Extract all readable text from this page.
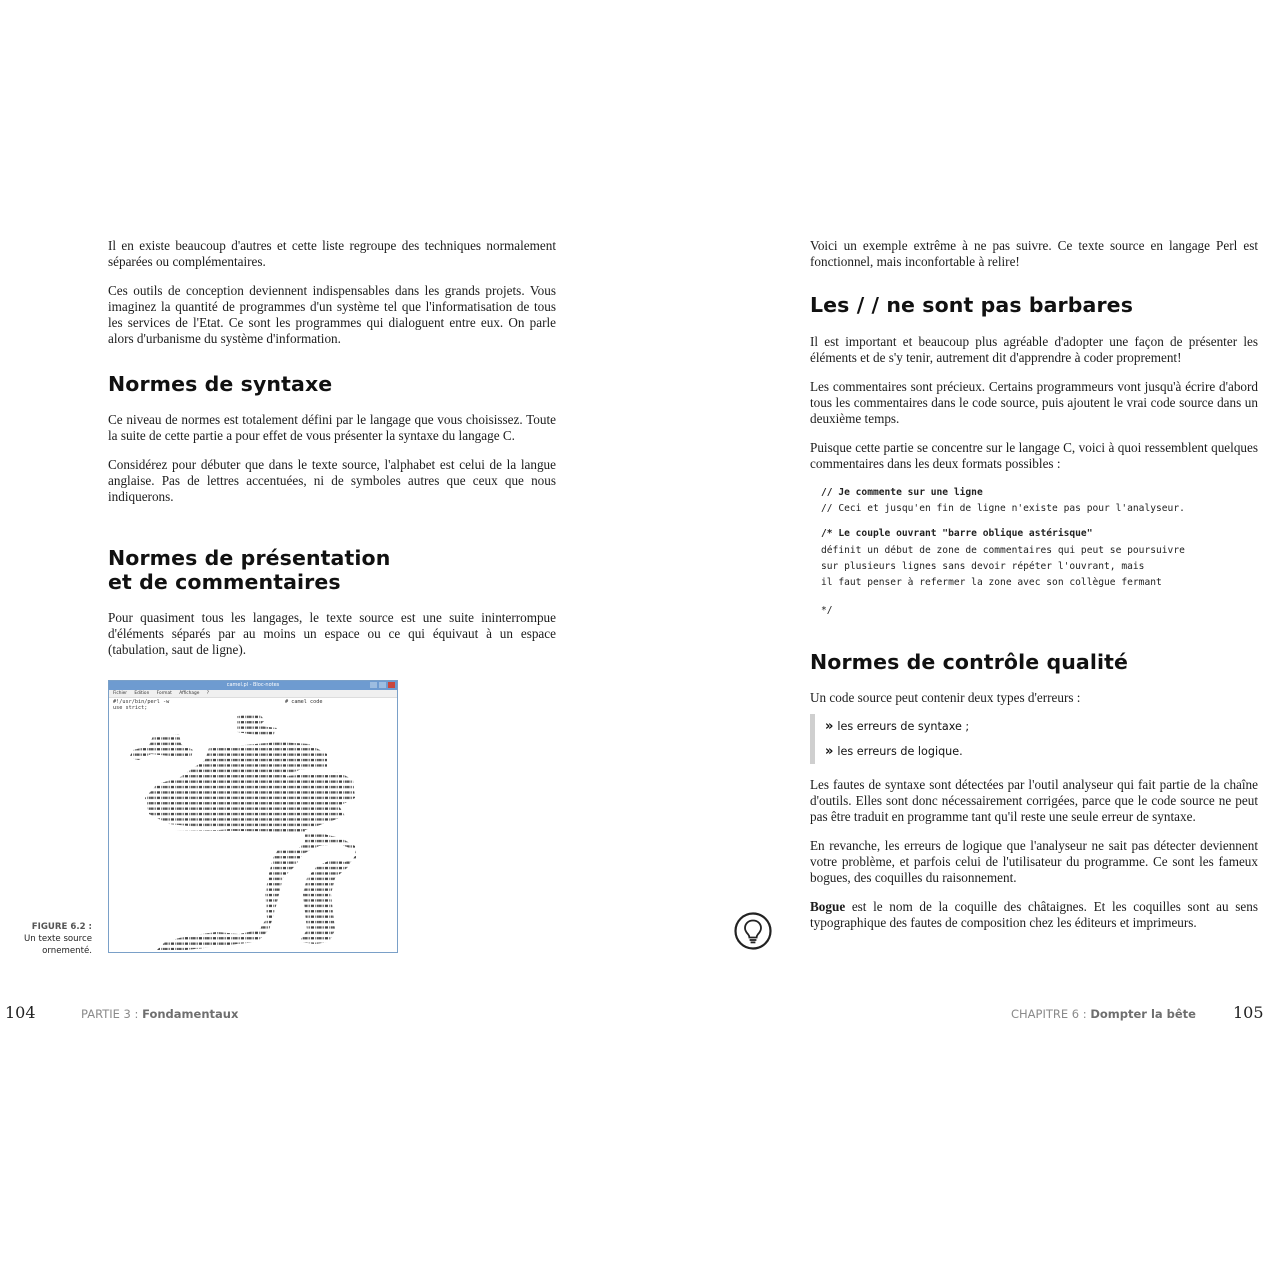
Il en existe beaucoup d'autres et cette liste regroupe des techniques normalement séparées ou complémentaires.

Ces outils de conception deviennent indispensables dans les grands projets. Vous imaginez la quantité de programmes d'un système tel que l'informatisation de tous les services de l'Etat. Ce sont les programmes qui dialoguent entre eux. On parle alors d'urbanisme du système d'information.

Normes de syntaxe

Ce niveau de normes est totalement défini par le langage que vous choisissez. Toute la suite de cette partie a pour effet de vous présenter la syntaxe du langage C.

Considérez pour débuter que dans le texte source, l'alphabet est celui de la langue anglaise. Pas de lettres accentuées, ni de symboles autres que ceux que nous indiquerons.

Normes de présentation
et de commentaires

Pour quasiment tous les langages, le texte source est une suite ininterrompue d'éléments séparés par au moins un espace ou ce qui équivaut à un espace (tabulation, saut de ligne).

camel.pl - Bloc-notes
Fichier Edition Format Affichage ?
#!/usr/bin/perl -w	# camel code
use strict;
FIGURE 6.2 :
Un texte source
ornementé.
104	PARTIE 3 : Fondamentaux

Voici un exemple extrême à ne pas suivre. Ce texte source en langage Perl est fonctionnel, mais inconfortable à relire!

Les / / ne sont pas barbares

Il est important et beaucoup plus agréable d'adopter une façon de présenter les éléments et de s'y tenir, autrement dit d'apprendre à coder proprement!

Les commentaires sont précieux. Certains programmeurs vont jusqu'à écrire d'abord tous les commentaires dans le code source, puis ajoutent le vrai code source dans un deuxième temps.

Puisque cette partie se concentre sur le langage C, voici à quoi ressemblent quelques commentaires dans les deux formats possibles :

// Je commente sur une ligne
// Ceci et jusqu'en fin de ligne n'existe pas pour l'analyseur.
/* Le couple ouvrant "barre oblique astérisque"
définit un début de zone de commentaires qui peut se poursuivre
sur plusieurs lignes sans devoir répéter l'ouvrant, mais
il faut penser à refermer la zone avec son collègue fermant
*/
Normes de contrôle qualité

Un code source peut contenir deux types d'erreurs :

» les erreurs de syntaxe ;
» les erreurs de logique.

Les fautes de syntaxe sont détectées par l'outil analyseur qui fait partie de la chaîne d'outils. Elles sont donc nécessairement corrigées, parce que le code source ne peut pas être traduit en programme tant qu'il reste une seule erreur de syntaxe.

En revanche, les erreurs de logique que l'analyseur ne sait pas détecter deviennent votre problème, et parfois celui de l'utilisateur du programme. Ce sont les fameux bogues, des coquilles du raisonnement.

Bogue est le nom de la coquille des châtaignes. Et les coquilles sont au sens typographique des fautes de composition chez les éditeurs et imprimeurs.

CHAPITRE 6 : Dompter la bête 105
